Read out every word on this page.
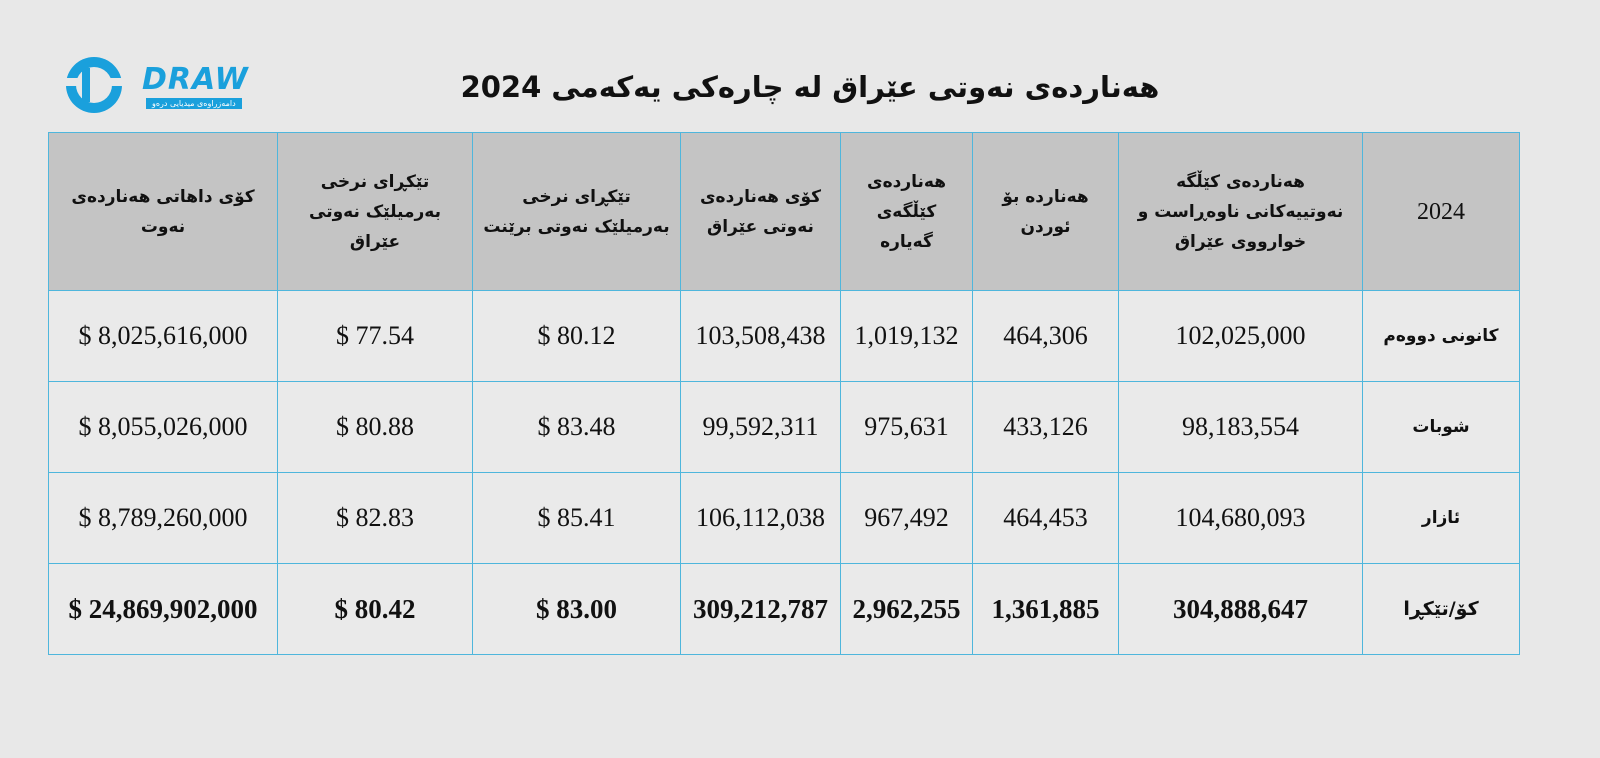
DRAW
دامەزراوەی میدیایی درەو	هەناردەی نەوتی عێراق لە چارەکی یەکەمی 2024
کۆی داهاتی هەناردەی نەوت	تێکڕای نرخی بەرمیلێک نەوتی عێراق	تێکڕای نرخی بەرمیلێک نەوتی برێنت	کۆی هەناردەی نەوتی عێراق	هەناردەی کێڵگەی گەیارە	هەناردە بۆ ئوردن	هەناردەی کێڵگە نەوتییەکانی ناوەڕاست و خوارووی عێراق	2024
$ 8,025,616,000	$ 77.54	$ 80.12	103,508,438	1,019,132	464,306	102,025,000	کانونی دووەم
$ 8,055,026,000	$ 80.88	$ 83.48	99,592,311	975,631	433,126	98,183,554	شوبات
$ 8,789,260,000	$ 82.83	$ 85.41	106,112,038	967,492	464,453	104,680,093	ئازار
$ 24,869,902,000	$ 80.42	$ 83.00	309,212,787	2,962,255	1,361,885	304,888,647	کۆ/تێکڕا
